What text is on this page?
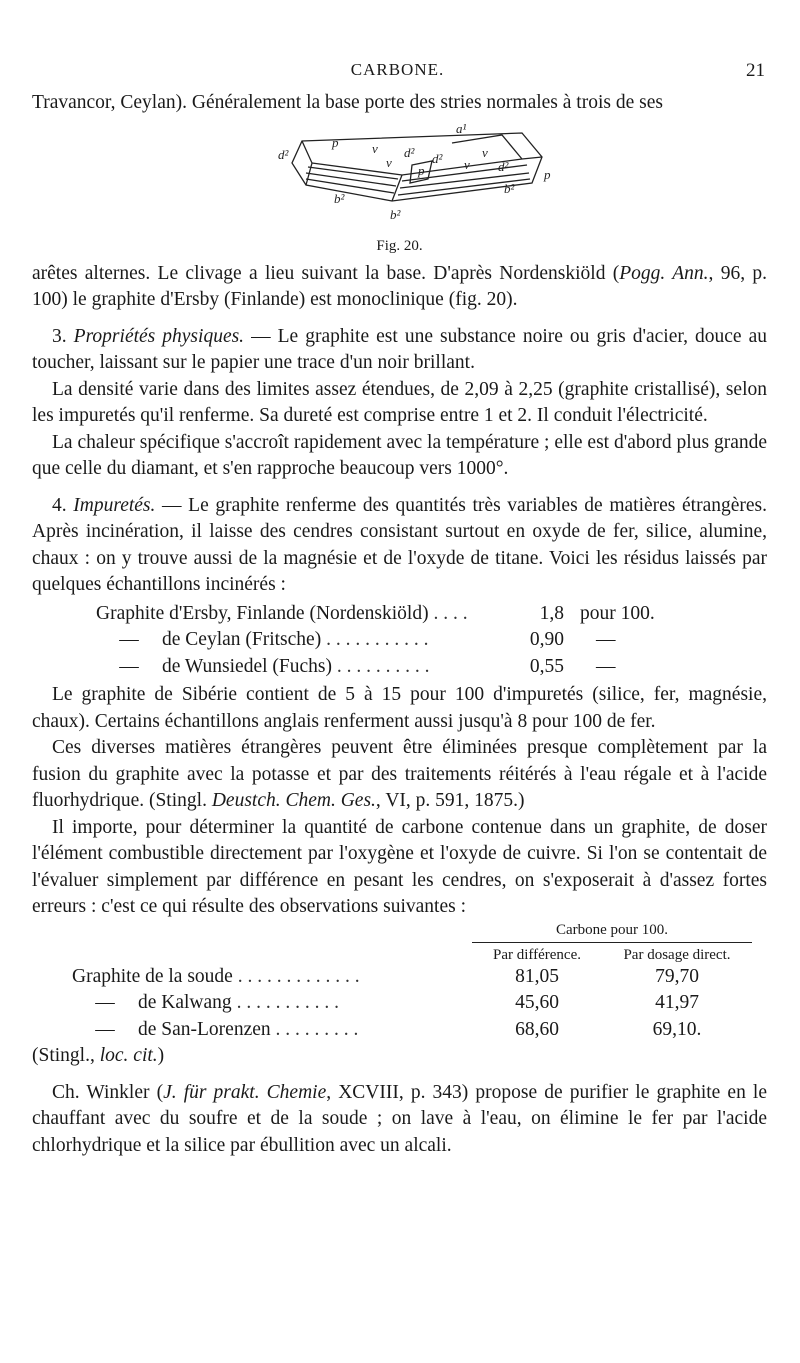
CARBONE.	21

Travancor, Ceylan). Généralement la base porte des stries normales à trois de ses

a¹
d²
p	v
v
d² d²	v
p	v d²
b²
b²
b²
p
Fig. 20.

arêtes alternes. Le clivage a lieu suivant la base. D'après Nordenskiöld (Pogg. Ann., 96, p. 100) le graphite d'Ersby (Finlande) est monoclinique (fig. 20).

3. Propriétés physiques. — Le graphite est une substance noire ou gris d'acier, douce au toucher, laissant sur le papier une trace d'un noir brillant.

La densité varie dans des limites assez étendues, de 2,09 à 2,25 (graphite cristallisé), selon les impuretés qu'il renferme. Sa dureté est comprise entre 1 et 2. Il conduit l'électricité.

La chaleur spécifique s'accroît rapidement avec la température ; elle est d'abord plus grande que celle du diamant, et s'en rapproche beaucoup vers 1000°.

4. Impuretés. — Le graphite renferme des quantités très variables de matières étrangères. Après incinération, il laisse des cendres consistant surtout en oxyde de fer, silice, alumine, chaux : on y trouve aussi de la magnésie et de l'oxyde de titane. Voici les résidus laissés par quelques échantillons incinérés :

Graphite d'Ersby, Finlande (Nordenskiöld) . . . .	1,8	pour 100.
— de Ceylan (Fritsche) . . . . . . . . . . .	0,90	—
— de Wunsiedel (Fuchs) . . . . . . . . . .	0,55	—

Le graphite de Sibérie contient de 5 à 15 pour 100 d'impuretés (silice, fer, magnésie, chaux). Certains échantillons anglais renferment aussi jusqu'à 8 pour 100 de fer.

Ces diverses matières étrangères peuvent être éliminées presque complètement par la fusion du graphite avec la potasse et par des traitements réitérés à l'eau régale et à l'acide fluorhydrique. (Stingl. Deustch. Chem. Ges., VI, p. 591, 1875.)

Il importe, pour déterminer la quantité de carbone contenue dans un graphite, de doser l'élément combustible directement par l'oxygène et l'oxyde de cuivre. Si l'on se contentait de l'évaluer simplement par différence en pesant les cendres, on s'exposerait à d'assez fortes erreurs : c'est ce qui résulte des observations suivantes :

	Carbone pour 100.	
	Par différence.	Par dosage direct.
Graphite de la soude . . . . . . . . . . . . .	81,05	79,70
— de Kalwang . . . . . . . . . . .	45,60	41,97
— de San-Lorenzen . . . . . . . . .	68,60	69,10.

(Stingl., loc. cit.)

Ch. Winkler (J. für prakt. Chemie, XCVIII, p. 343) propose de purifier le graphite en le chauffant avec du soufre et de la soude ; on lave à l'eau, on élimine le fer par l'acide chlorhydrique et la silice par ébullition avec un alcali.
